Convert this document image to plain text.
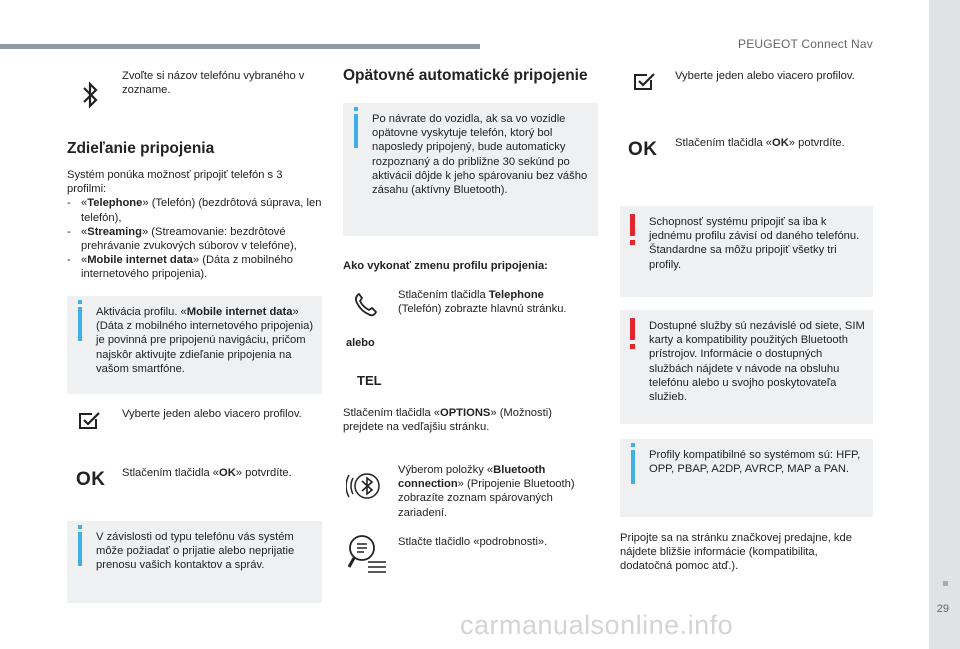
PEUGEOT Connect Nav
29
carmanualsonline.info
Zvoľte si názov telefónu vybraného v zozname.
Zdieľanie pripojenia
Systém ponúka možnosť pripojiť telefón s 3 profilmi:
- «Telephone» (Telefón) (bezdrôtová súprava, len telefón),
- «Streaming» (Streamovanie: bezdrôtové prehrávanie zvukových súborov v telefóne),
- «Mobile internet data» (Dáta z mobilného internetového pripojenia).
Aktivácia profilu. «Mobile internet data» (Dáta z mobilného internetového pripojenia) je povinná pre pripojenú navigáciu, pričom najskôr aktivujte zdieľanie pripojenia na vašom smartfóne.
Vyberte jeden alebo viacero profilov.
OK Stlačením tlačidla «OK» potvrdíte.
V závislosti od typu telefónu vás systém môže požiadať o prijatie alebo neprijatie prenosu vašich kontaktov a správ.
Opätovné automatické pripojenie
Po návrate do vozidla, ak sa vo vozidle opätovne vyskytuje telefón, ktorý bol naposledy pripojený, bude automaticky rozpoznaný a do približne 30 sekúnd po aktivácii dôjde k jeho spárovaniu bez vášho zásahu (aktívny Bluetooth).
Ako vykonať zmenu profilu pripojenia:
Stlačením tlačidla Telephone
(Telefón) zobrazte hlavnú stránku.
alebo
TEL
Stlačením tlačidla «OPTIONS» (Možnosti) prejdete na vedľajšiu stránku.
Výberom položky «Bluetooth connection» (Pripojenie Bluetooth) zobrazíte zoznam spárovaných zariadení.
Stlačte tlačidlo «podrobnosti».
Vyberte jeden alebo viacero profilov.
OK Stlačením tlačidla «OK» potvrdíte.
Schopnosť systému pripojiť sa iba k jednému profilu závisí od daného telefónu. Štandardne sa môžu pripojiť všetky tri profily.
Dostupné služby sú nezávislé od siete, SIM karty a kompatibility použitých Bluetooth prístrojov. Informácie o dostupných službách nájdete v návode na obsluhu telefónu alebo u svojho poskytovateľa služieb.
Profily kompatibilné so systémom sú: HFP, OPP, PBAP, A2DP, AVRCP, MAP a PAN.
Pripojte sa na stránku značkovej predajne, kde nájdete bližšie informácie (kompatibilita, dodatočná pomoc atď.).
